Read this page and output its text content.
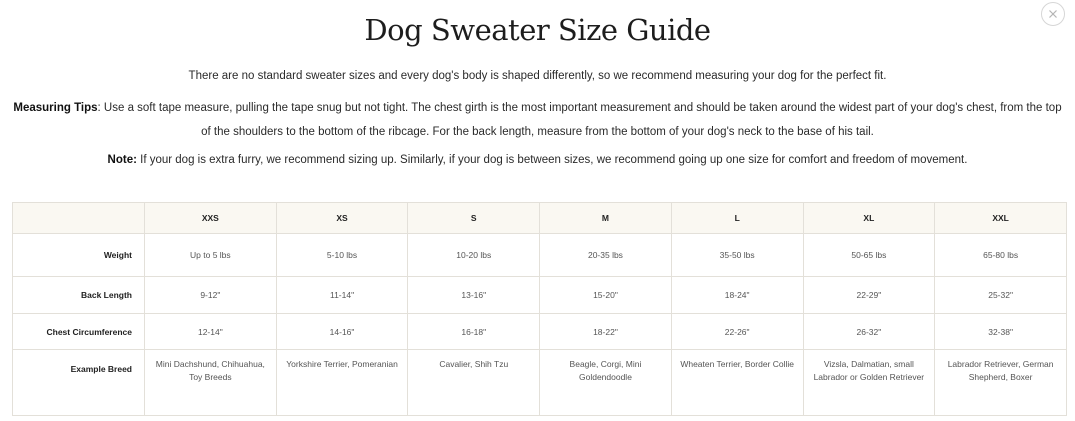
Dog Sweater Size Guide

There are no standard sweater sizes and every dog's body is shaped differently, so we recommend measuring your dog for the perfect fit.

Measuring Tips: Use a soft tape measure, pulling the tape snug but not tight. The chest girth is the most important measurement and should be taken around the widest part of your dog's chest, from the top of the shoulders to the bottom of the ribcage. For the back length, measure from the bottom of your dog's neck to the base of his tail.

Note: If your dog is extra furry, we recommend sizing up. Similarly, if your dog is between sizes, we recommend going up one size for comfort and freedom of movement.

	XXS	XS	S	M	L	XL	XXL
Weight	Up to 5 lbs	5-10 lbs	10-20 lbs	20-35 lbs	35-50 lbs	50-65 lbs	65-80 lbs
Back Length	9-12"	11-14"	13-16"	15-20"	18-24"	22-29"	25-32"
Chest Circumference	12-14"	14-16"	16-18"	18-22"	22-26"	26-32"	32-38"
Example Breed	Mini Dachshund, Chihuahua, Toy Breeds	Yorkshire Terrier, Pomeranian	Cavalier, Shih Tzu	Beagle, Corgi, Mini Goldendoodle	Wheaten Terrier, Border Collie	Vizsla, Dalmatian, small Labrador or Golden Retriever	Labrador Retriever, German Shepherd, Boxer
